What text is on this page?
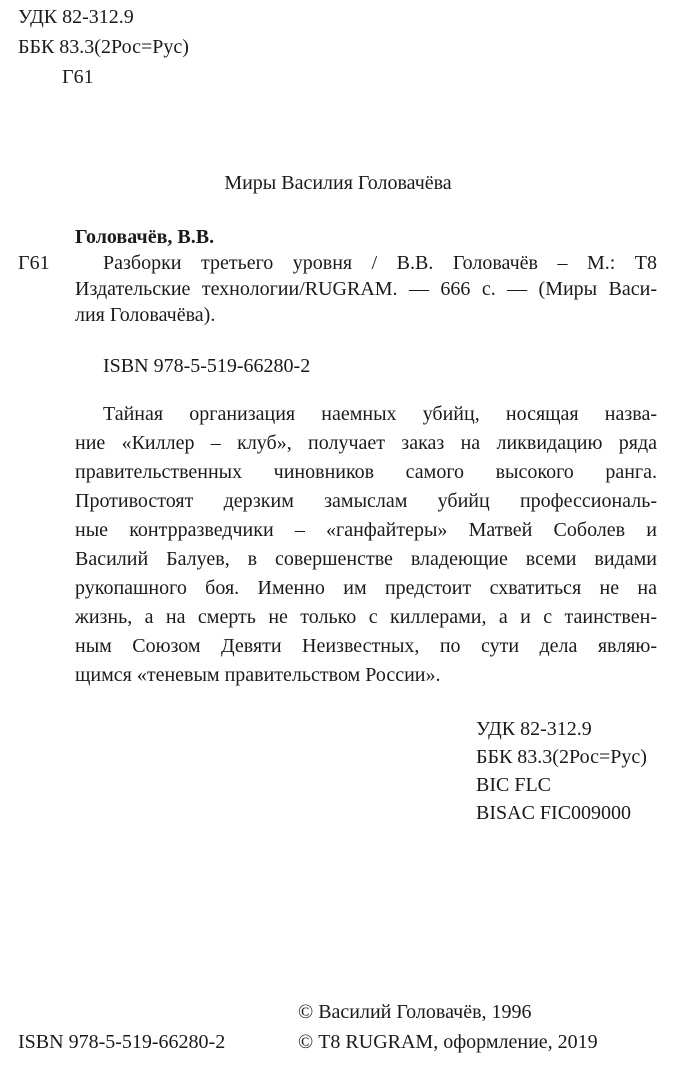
УДК 82-312.9
ББК 83.3(2Рос=Рус)
Г61
Миры Василия Головачёва
Головачёв, В.В.
Г61	Разборки третьего уровня / В.В. Головачёв – М.: Т8
Издательские технологии/RUGRAM. — 666 с. — (Миры Васи-
лия Головачёва).
ISBN 978-5-519-66280-2
Тайная организация наемных убийц, носящая назва-
ние «Киллер – клуб», получает заказ на ликвидацию ряда
правительственных чиновников самого высокого ранга.
Противостоят дерзким замыслам убийц профессиональ-
ные контрразведчики – «ганфайтеры» Матвей Соболев и
Василий Балуев, в совершенстве владеющие всеми видами
рукопашного боя. Именно им предстоит схватиться не на
жизнь, а на смерть не только с киллерами, а и с таинствен-
ным Союзом Девяти Неизвестных, по сути дела являю-
щимся «теневым правительством России».
УДК 82-312.9
ББК 83.3(2Рос=Рус)
BIC FLC
BISAC FIC009000
© Василий Головачёв, 1996
ISBN 978-5-519-66280-2	© Т8 RUGRAM, оформление, 2019
